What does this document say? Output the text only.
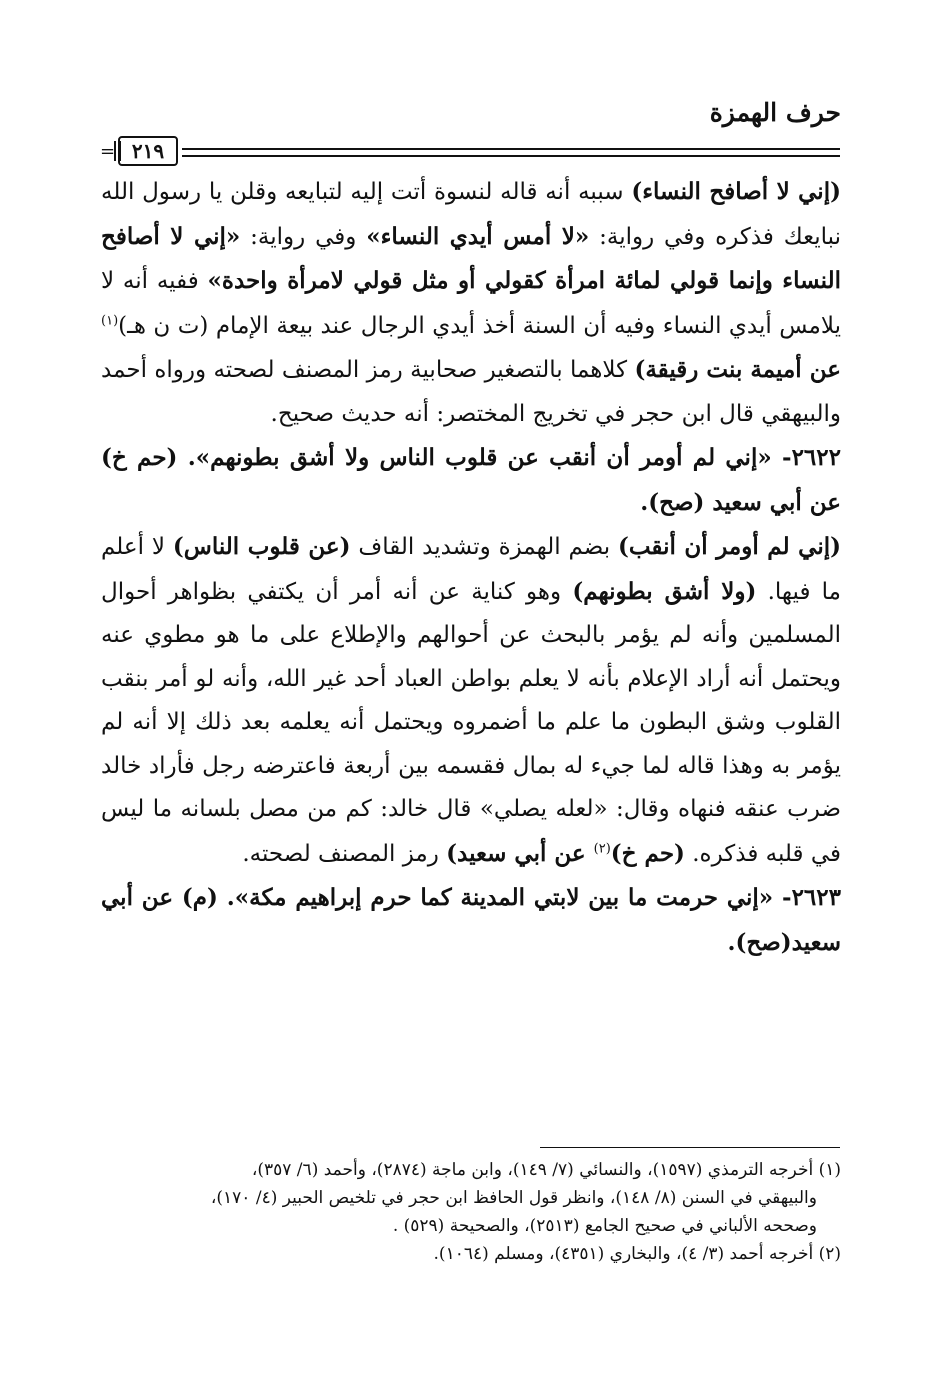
حرف الهمزة
٢١٩
=

(إني لا أصافح النساء) سببه أنه قاله لنسوة أتت إليه لتبايعه وقلن يا رسول الله نبايعك فذكره وفي رواية: «لا أمس أيدي النساء» وفي رواية: «إني لا أصافح النساء وإنما قولي لمائة امرأة كقولي أو مثل قولي لامرأة واحدة» ففيه أنه لا يلامس أيدي النساء وفيه أن السنة أخذ أيدي الرجال عند بيعة الإمام (ت ن هـ)$^{(١)}$ عن أميمة بنت رقيقة) كلاهما بالتصغير صحابية رمز المصنف لصحته ورواه أحمد والبيهقي قال ابن حجر في تخريج المختصر: أنه حديث صحيح.

٢٦٢٢- «إني لم أومر أن أنقب عن قلوب الناس ولا أشق بطونهم». (حم خ) عن أبي سعيد (صح).

(إني لم أومر أن أنقب) بضم الهمزة وتشديد القاف (عن قلوب الناس) لا أعلم ما فيها. (ولا أشق بطونهم) وهو كناية عن أنه أمر أن يكتفي بظواهر أحوال المسلمين وأنه لم يؤمر بالبحث عن أحوالهم والإطلاع على ما هو مطوي عنه ويحتمل أنه أراد الإعلام بأنه لا يعلم بواطن العباد أحد غير الله، وأنه لو أمر بنقب القلوب وشق البطون ما علم ما أضمروه ويحتمل أنه يعلمه بعد ذلك إلا أنه لم يؤمر به وهذا قاله لما جيء له بمال فقسمه بين أربعة فاعترضه رجل فأراد خالد ضرب عنقه فنهاه وقال: «لعله يصلي» قال خالد: كم من مصل بلسانه ما ليس في قلبه فذكره. (حم خ)$^{(٢)}$ عن أبي سعيد) رمز المصنف لصحته.

٢٦٢٣- «إني حرمت ما بين لابتي المدينة كما حرم إبراهيم مكة». (م) عن أبي سعيد(صح).

(١) أخرجه الترمذي (١٥٩٧)، والنسائي (٧/ ١٤٩)، وابن ماجة (٢٨٧٤)، وأحمد (٦/ ٣٥٧)،
والبيهقي في السنن (٨/ ١٤٨)، وانظر قول الحافظ ابن حجر في تلخيص الحبير (٤/ ١٧٠)،
وصححه الألباني في صحيح الجامع (٢٥١٣)، والصحيحة (٥٢٩) .

(٢) أخرجه أحمد (٣/ ٤)، والبخاري (٤٣٥١)، ومسلم (١٠٦٤).
